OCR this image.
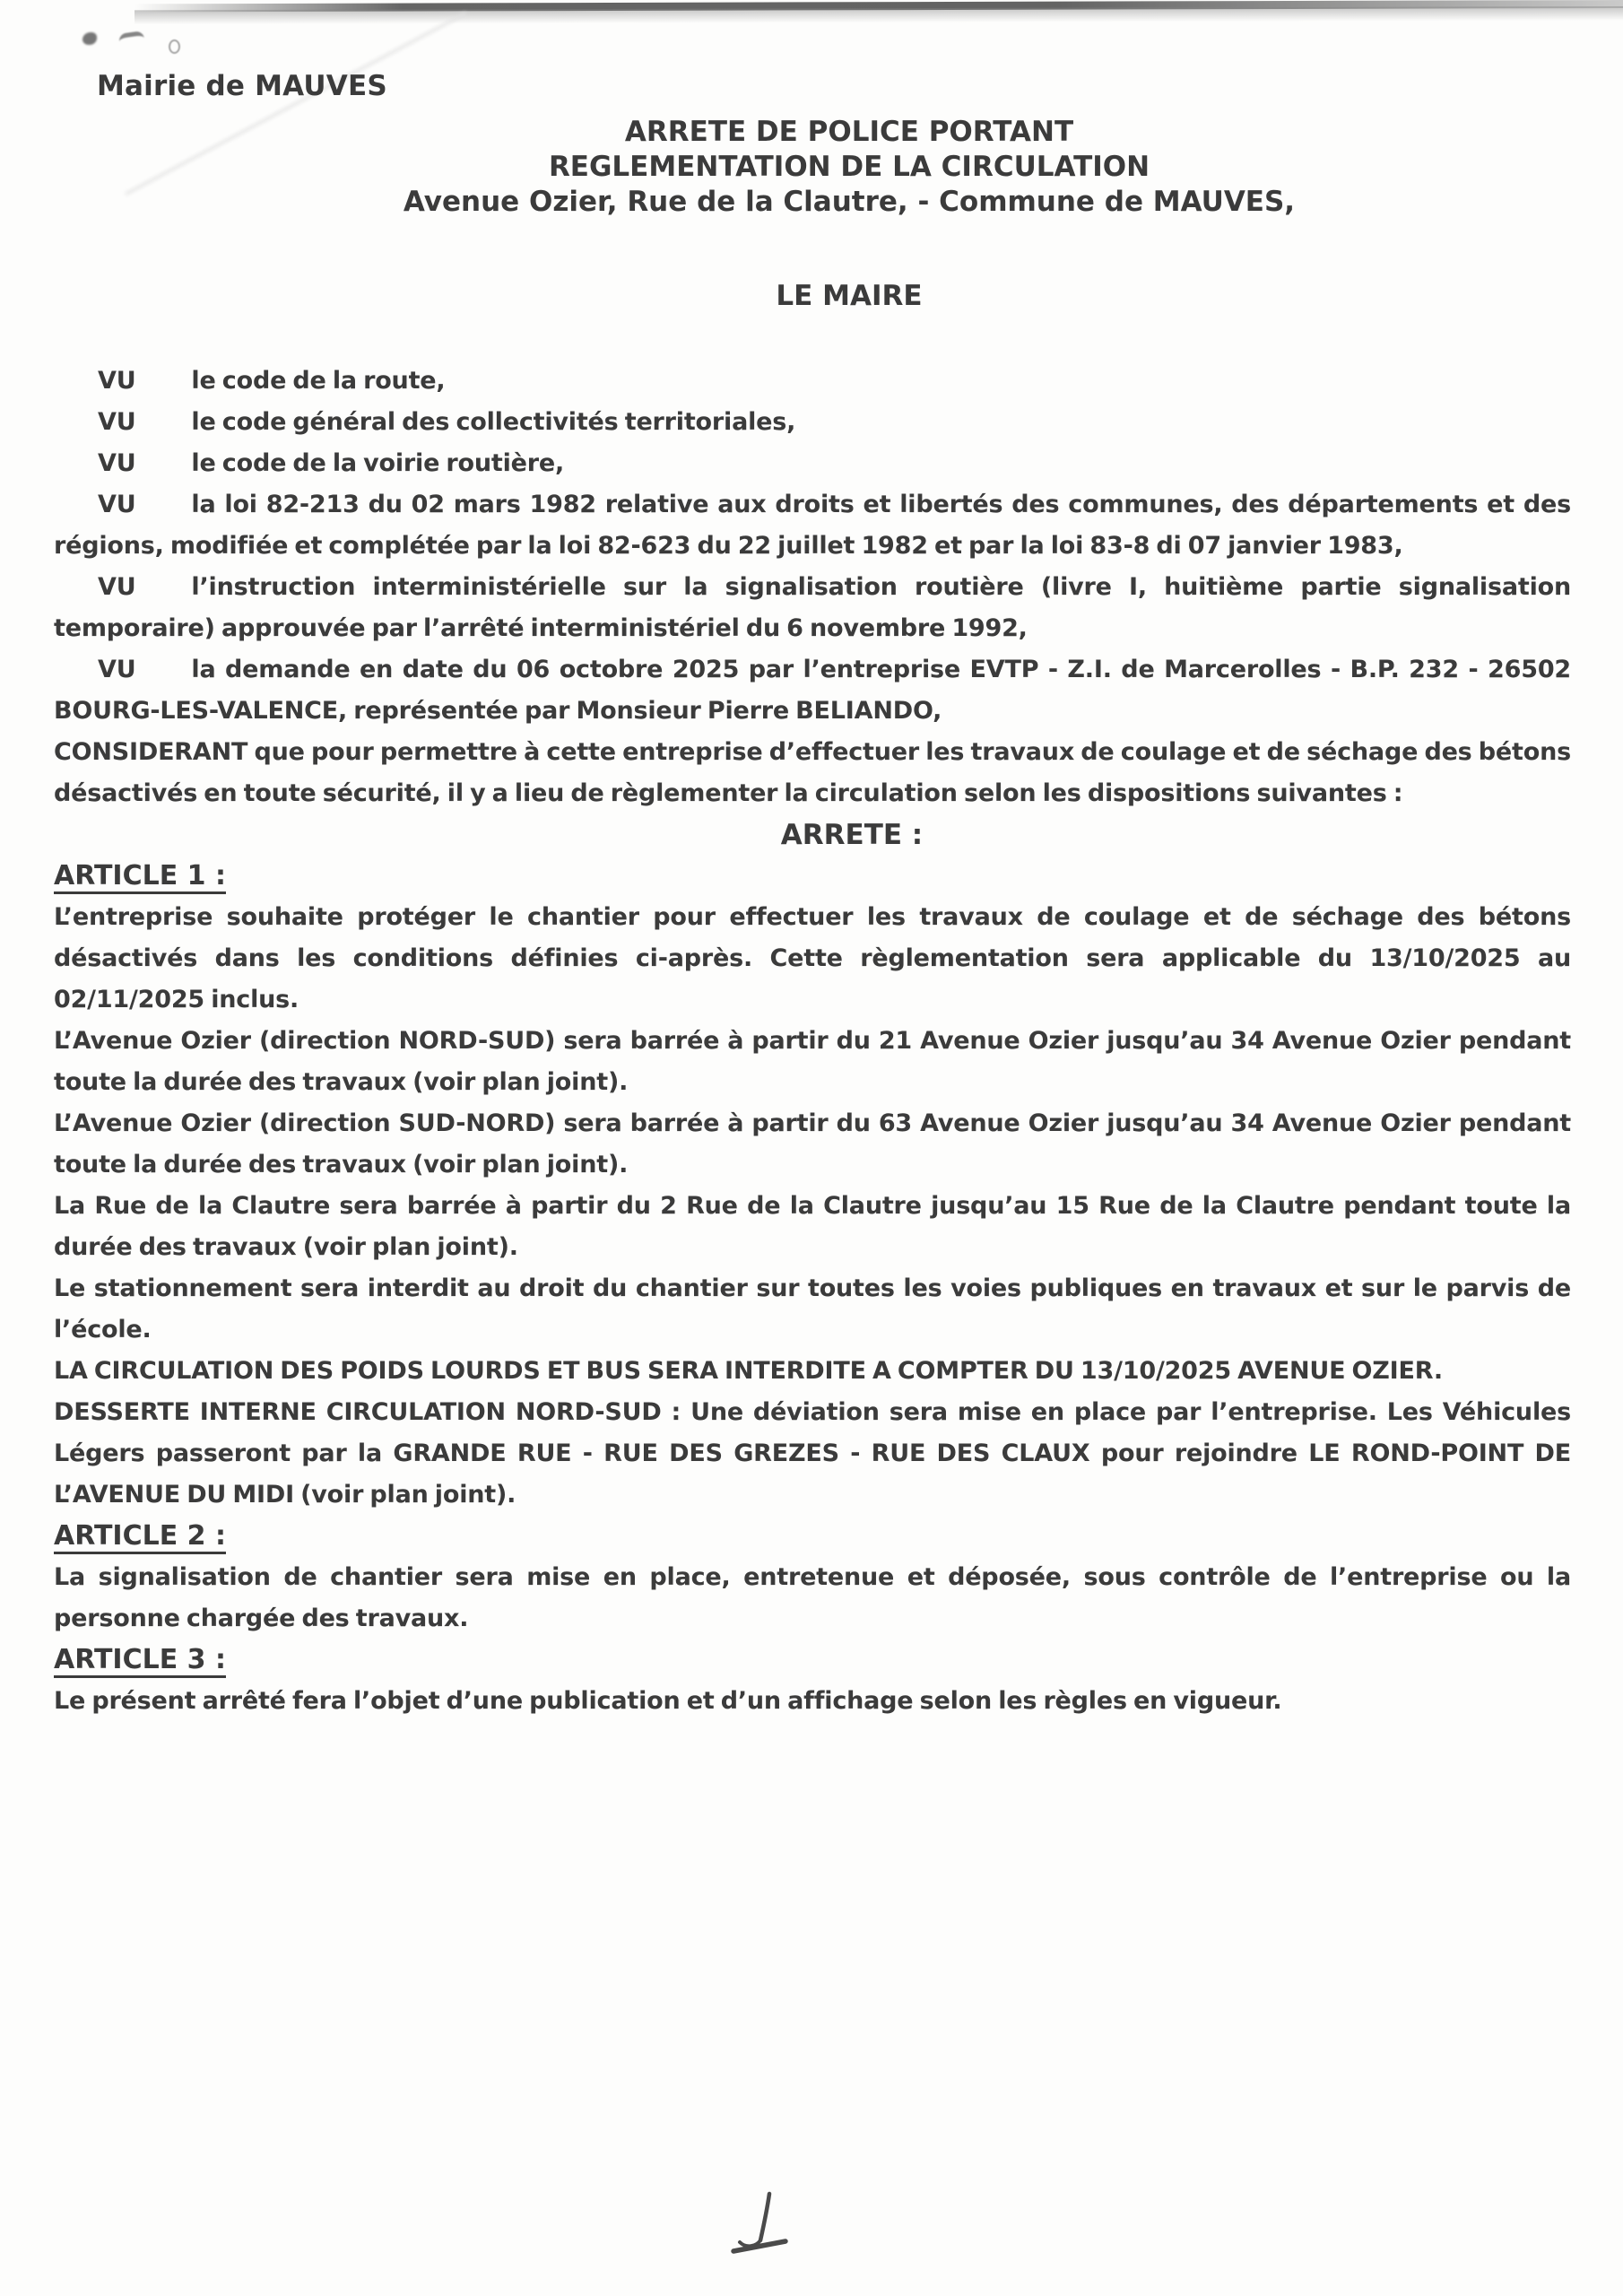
Mairie de MAUVES
ARRETE DE POLICE PORTANT
REGLEMENTATION DE LA CIRCULATION
Avenue Ozier, Rue de la Clautre, - Commune de MAUVES,
LE MAIRE

VU le code de la route,

VU le code général des collectivités territoriales,

VU le code de la voirie routière,

VU la loi 82-213 du 02 mars 1982 relative aux droits et libertés des communes, des départements et des régions, modifiée et complétée par la loi 82-623 du 22 juillet 1982 et par la loi 83-8 di 07 janvier 1983,

VU l’instruction interministérielle sur la signalisation routière (livre I, huitième partie signalisation temporaire) approuvée par l’arrêté interministériel du 6 novembre 1992,

VU la demande en date du 06 octobre 2025 par l’entreprise EVTP - Z.I. de Marcerolles - B.P. 232 - 26502 BOURG-LES-VALENCE, représentée par Monsieur Pierre BELIANDO,

CONSIDERANT que pour permettre à cette entreprise d’effectuer les travaux de coulage et de séchage des bétons désactivés en toute sécurité, il y a lieu de règlementer la circulation selon les dispositions suivantes :

ARRETE :

ARTICLE 1 :

L’entreprise souhaite protéger le chantier pour effectuer les travaux de coulage et de séchage des bétons désactivés dans les conditions définies ci-après. Cette règlementation sera applicable du 13/10/2025 au 02/11/2025 inclus.

L’Avenue Ozier (direction NORD-SUD) sera barrée à partir du 21 Avenue Ozier jusqu’au 34 Avenue Ozier pendant toute la durée des travaux (voir plan joint).

L’Avenue Ozier (direction SUD-NORD) sera barrée à partir du 63 Avenue Ozier jusqu’au 34 Avenue Ozier pendant toute la durée des travaux (voir plan joint).

La Rue de la Clautre sera barrée à partir du 2 Rue de la Clautre jusqu’au 15 Rue de la Clautre pendant toute la durée des travaux (voir plan joint).

Le stationnement sera interdit au droit du chantier sur toutes les voies publiques en travaux et sur le parvis de l’école.

LA CIRCULATION DES POIDS LOURDS ET BUS SERA INTERDITE A COMPTER DU 13/10/2025 AVENUE OZIER.

DESSERTE INTERNE CIRCULATION NORD-SUD : Une déviation sera mise en place par l’entreprise. Les Véhicules Légers passeront par la GRANDE RUE - RUE DES GREZES - RUE DES CLAUX pour rejoindre LE ROND-POINT DE L’AVENUE DU MIDI (voir plan joint).

ARTICLE 2 :

La signalisation de chantier sera mise en place, entretenue et déposée, sous contrôle de l’entreprise ou la personne chargée des travaux.

ARTICLE 3 :

Le présent arrêté fera l’objet d’une publication et d’un affichage selon les règles en vigueur.
